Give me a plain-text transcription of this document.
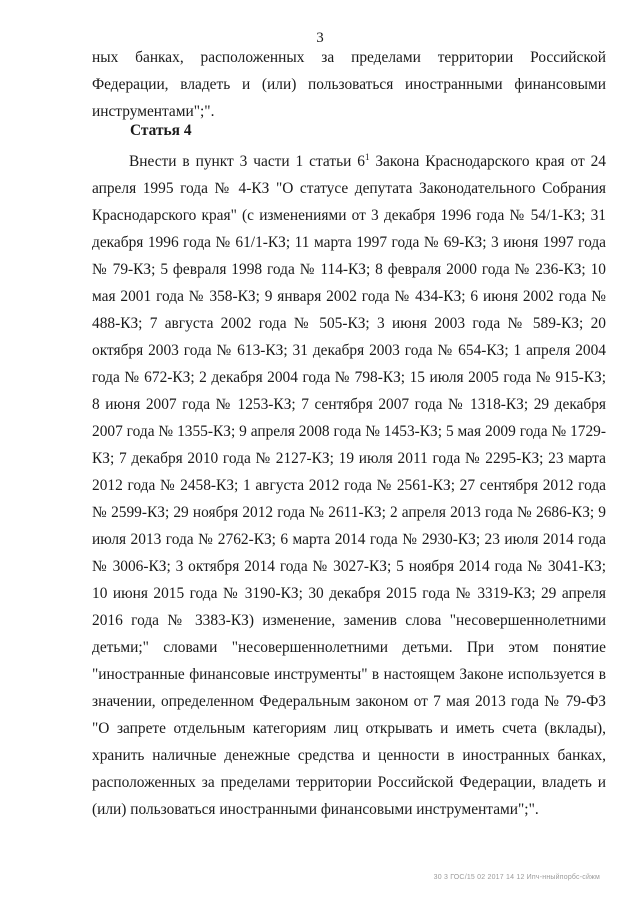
3
ных банках, расположенных за пределами территории Российской Федерации, владеть и (или) пользоваться иностранными финансовыми инструментами";".
Статья 4
Внести в пункт 3 части 1 статьи $6^1$ Закона Краснодарского края от 24 апреля 1995 года № 4-КЗ "О статусе депутата Законодательного Собрания Краснодарского края" (с изменениями от 3 декабря 1996 года № 54/1-КЗ; 31 декабря 1996 года № 61/1-КЗ; 11 марта 1997 года № 69-КЗ; 3 июня 1997 года № 79-КЗ; 5 февраля 1998 года № 114-КЗ; 8 февраля 2000 года № 236-КЗ; 10 мая 2001 года № 358-КЗ; 9 января 2002 года № 434-КЗ; 6 июня 2002 года № 488-КЗ; 7 августа 2002 года № 505-КЗ; 3 июня 2003 года № 589-КЗ; 20 октября 2003 года № 613-КЗ; 31 декабря 2003 года № 654-КЗ; 1 апреля 2004 года № 672-КЗ; 2 декабря 2004 года № 798-КЗ; 15 июля 2005 года № 915-КЗ; 8 июня 2007 года № 1253-КЗ; 7 сентября 2007 года № 1318-КЗ; 29 декабря 2007 года № 1355-КЗ; 9 апреля 2008 года № 1453-КЗ; 5 мая 2009 года № 1729-КЗ; 7 декабря 2010 года № 2127-КЗ; 19 июля 2011 года № 2295-КЗ; 23 марта 2012 года № 2458-КЗ; 1 августа 2012 года № 2561-КЗ; 27 сентября 2012 года № 2599-КЗ; 29 ноября 2012 года № 2611-КЗ; 2 апреля 2013 года № 2686-КЗ; 9 июля 2013 года № 2762-КЗ; 6 марта 2014 года № 2930-КЗ; 23 июля 2014 года № 3006-КЗ; 3 октября 2014 года № 3027-КЗ; 5 ноября 2014 года № 3041-КЗ; 10 июня 2015 года № 3190-КЗ; 30 декабря 2015 года № 3319-КЗ; 29 апреля 2016 года № 3383-КЗ) изменение, заменив слова "несовершеннолетними детьми;" словами "несовершеннолетними детьми. При этом понятие "иностранные финансовые инструменты" в настоящем Законе используется в значении, определенном Федеральным законом от 7 мая 2013 года № 79-ФЗ "О запрете отдельным категориям лиц открывать и иметь счета (вклады), хранить наличные денежные средства и ценности в иностранных банках, расположенных за пределами территории Российской Федерации, владеть и (или) пользоваться иностранными финансовыми инструментами";".
30 3 ГОС/15 02 2017 14 12 Ипч-нныйпорбс-сйжм
